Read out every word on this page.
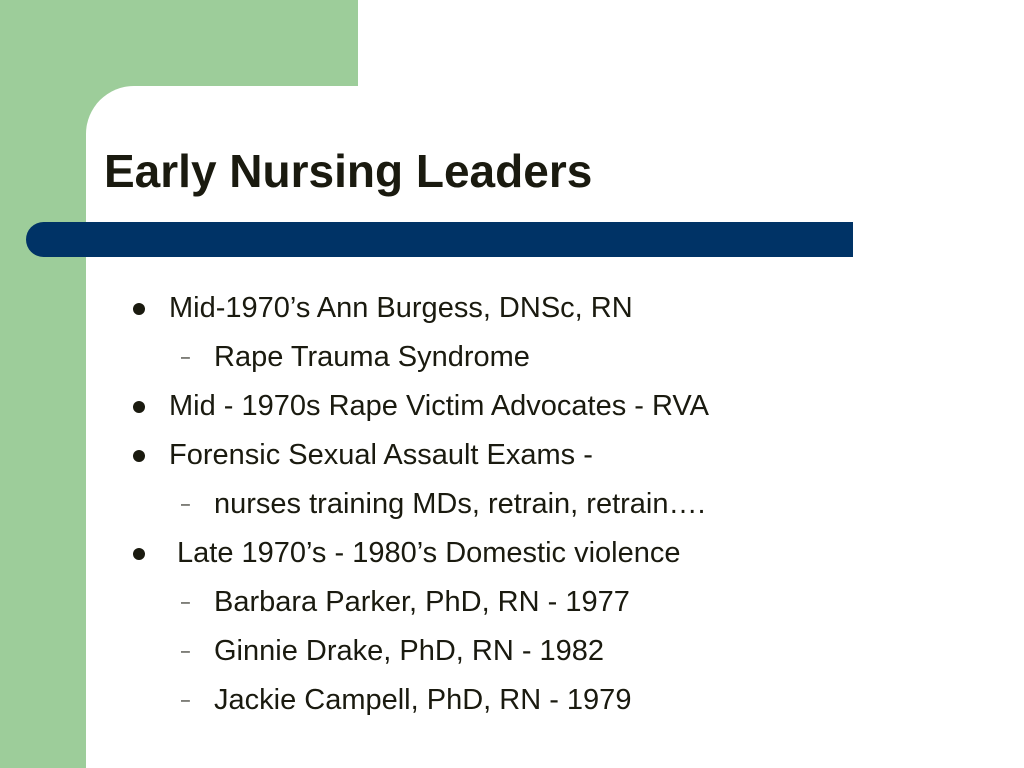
Early Nursing Leaders
Mid-1970’s Ann Burgess, DNSc, RN
– Rape Trauma Syndrome
Mid - 1970s Rape Victim Advocates - RVA
Forensic Sexual Assault Exams -
– nurses training MDs, retrain, retrain….
Late 1970’s - 1980’s Domestic violence
– Barbara Parker, PhD, RN - 1977
– Ginnie Drake, PhD, RN - 1982
– Jackie Campell, PhD, RN - 1979
